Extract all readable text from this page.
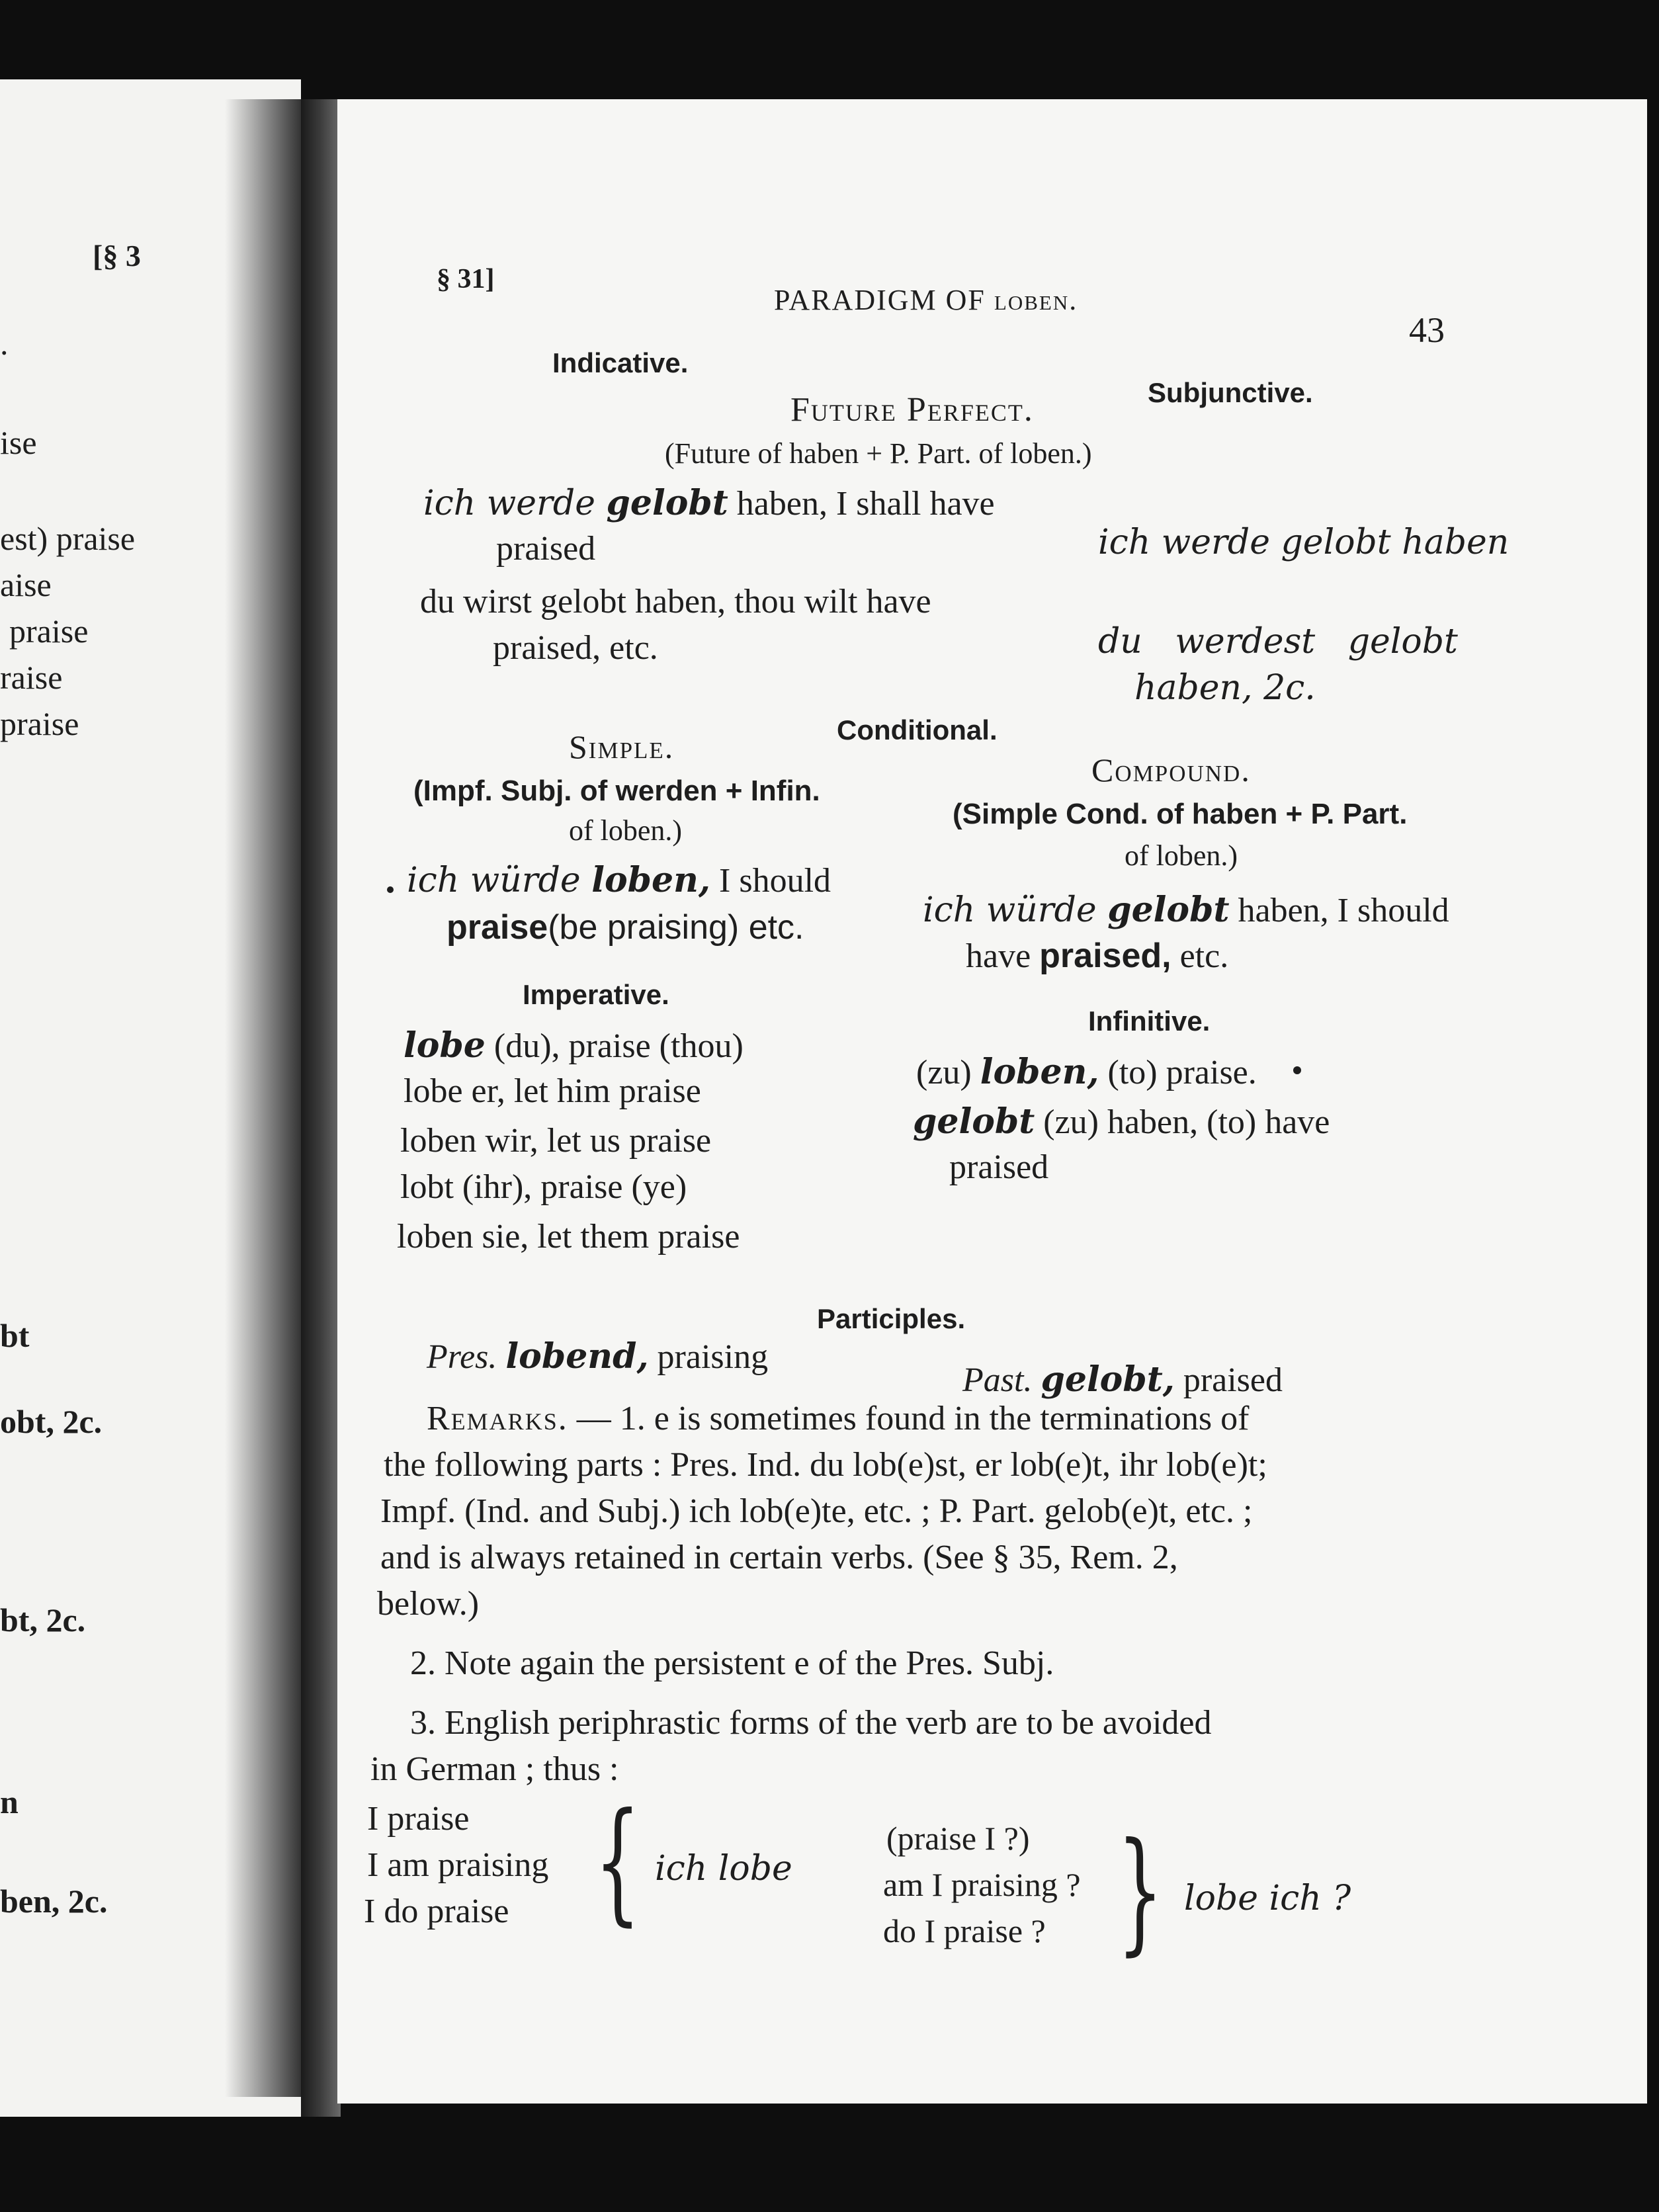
[§ 3
.
ise
est) praise
aise
praise
raise
praise
bt
obt, 2c.
bt, 2c.
n
ben, 2c.
§ 31]
PARADIGM OF loben.
43
Indicative.
Subjunctive.
Future Perfect.
(Future of haben + P. Part. of loben.)
ich werde gelobt haben, I shall have
praised
du wirst gelobt haben, thou wilt have
praised, etc.
ich werde gelobt haben
du   werdest   gelobt
haben, 2c.
Conditional.
Simple.
(Impf. Subj. of werden + Infin.
of loben.)
ich würde loben, I should
praise(be praising) etc.
Compound.
(Simple Cond. of haben + P. Part.
of loben.)
ich würde gelobt haben, I should
have praised, etc.
Imperative.
lobe (du), praise (thou)
lobe er, let him praise
loben wir, let us praise
lobt (ihr), praise (ye)
loben sie, let them praise
Infinitive.
(zu) loben, (to) praise.
gelobt (zu) haben, (to) have
praised
Participles.
Pres. lobend, praising
Past. gelobt, praised
Remarks. — 1. e is sometimes found in the terminations of
the following parts : Pres. Ind. du lob(e)st, er lob(e)t, ihr lob(e)t;
Impf. (Ind. and Subj.) ich lob(e)te, etc. ; P. Part. gelob(e)t, etc. ;
and is always retained in certain verbs. (See § 35, Rem. 2,
below.)
2. Note again the persistent e of the Pres. Subj.
3. English periphrastic forms of the verb are to be avoided
in German ; thus :
I praise
I am praising
I do praise { ich lobe
(praise I ?)
am I praising ?
do I praise ? } lobe ich ?
